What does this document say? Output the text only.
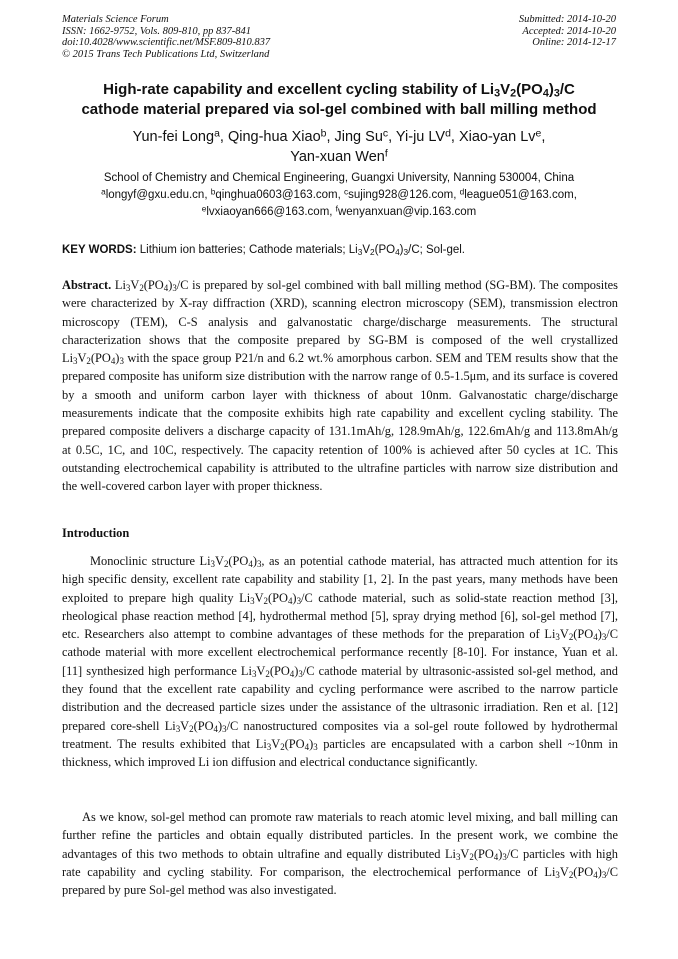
Materials Science Forum
ISSN: 1662-9752, Vols. 809-810, pp 837-841
doi:10.4028/www.scientific.net/MSF.809-810.837
© 2015 Trans Tech Publications Ltd, Switzerland
Submitted: 2014-10-20
Accepted: 2014-10-20
Online: 2014-12-17
High-rate capability and excellent cycling stability of $Li_3V_2(PO_4)_3/C$
cathode material prepared via sol-gel combined with ball milling method
Yun-fei Long$^a$, Qing-hua Xiao$^b$, Jing Su$^c$, Yi-ju $LV^d$, Xiao-yan Lv$^e$,
Yan-xuan Wen$^f$
School of Chemistry and Chemical Engineering, Guangxi University, Nanning 530004, China
$^a$longyf@gxu.edu.cn, $^b$qinghua0603@163.com, $^c$sujing928@126.com, $^d$league051@163.com,
$^e$lvxiaoyan666@163.com, $^f$wenyanxuan@vip.163.com
KEY WORDS: Lithium ion batteries; Cathode materials; $Li_3V_2(PO_4)_3/C$; Sol-gel.

Abstract. $Li_3V_2(PO_4)_3/C$ is prepared by sol-gel combined with ball milling method (SG-BM). The composites were characterized by X-ray diffraction (XRD), scanning electron microscopy (SEM), transmission electron microscopy (TEM), C-S analysis and galvanostatic charge/discharge measurements. The structural characterization shows that the composite prepared by SG-BM is composed of the well crystallized $Li_3V_2(PO_4)_3$ with the space group P21/n and 6.2 wt.% amorphous carbon. SEM and TEM results show that the prepared composite has uniform size distribution with the narrow range of 0.5-1.5μm, and its surface is covered by a smooth and uniform carbon layer with thickness of about 10nm. Galvanostatic charge/discharge measurements indicate that the composite exhibits high rate capability and excellent cycling stability. The prepared composite delivers a discharge capacity of 131.1mAh/g, 128.9mAh/g, 122.6mAh/g and 113.8mAh/g at 0.5C, 1C, and 10C, respectively. The capacity retention of 100% is achieved after 50 cycles at 1C. This outstanding electrochemical capability is attributed to the ultrafine particles with narrow size distribution and the well-covered carbon layer with proper thickness.

Introduction

Monoclinic structure $Li_3V_2(PO_4)_3$, as an potential cathode material, has attracted much attention for its high specific density, excellent rate capability and stability [1, 2]. In the past years, many methods have been exploited to prepare high quality $Li_3V_2(PO_4)_3/C$ cathode material, such as solid-state reaction method [3], rheological phase reaction method [4], hydrothermal method [5], spray drying method [6], sol-gel method [7], etc. Researchers also attempt to combine advantages of these methods for the preparation of $Li_3V_2(PO_4)_3/C$ cathode material with more excellent electrochemical performance recently [8-10]. For instance, Yuan et al. [11] synthesized high performance $Li_3V_2(PO_4)_3/C$ cathode material by ultrasonic-assisted sol-gel method, and they found that the excellent rate capability and cycling performance were ascribed to the narrow particle distribution and the decreased particle sizes under the assistance of the ultrasonic irradiation. Ren et al. [12] prepared core-shell $Li_3V_2(PO_4)_3/C$ nanostructured composites via a sol-gel route followed by hydrothermal treatment. The results exhibited that $Li_3V_2(PO_4)_3$ particles are encapsulated with a carbon shell ~10nm in thickness, which improved Li ion diffusion and electrical conductance significantly.

As we know, sol-gel method can promote raw materials to reach atomic level mixing, and ball milling can further refine the particles and obtain equally distributed particles. In the present work, we combine the advantages of this two methods to obtain ultrafine and equally distributed $Li_3V_2(PO_4)_3/C$ particles with high rate capability and cycling stability. For comparison, the electrochemical performance of $Li_3V_2(PO_4)_3/C$ prepared by pure Sol-gel method was also investigated.
